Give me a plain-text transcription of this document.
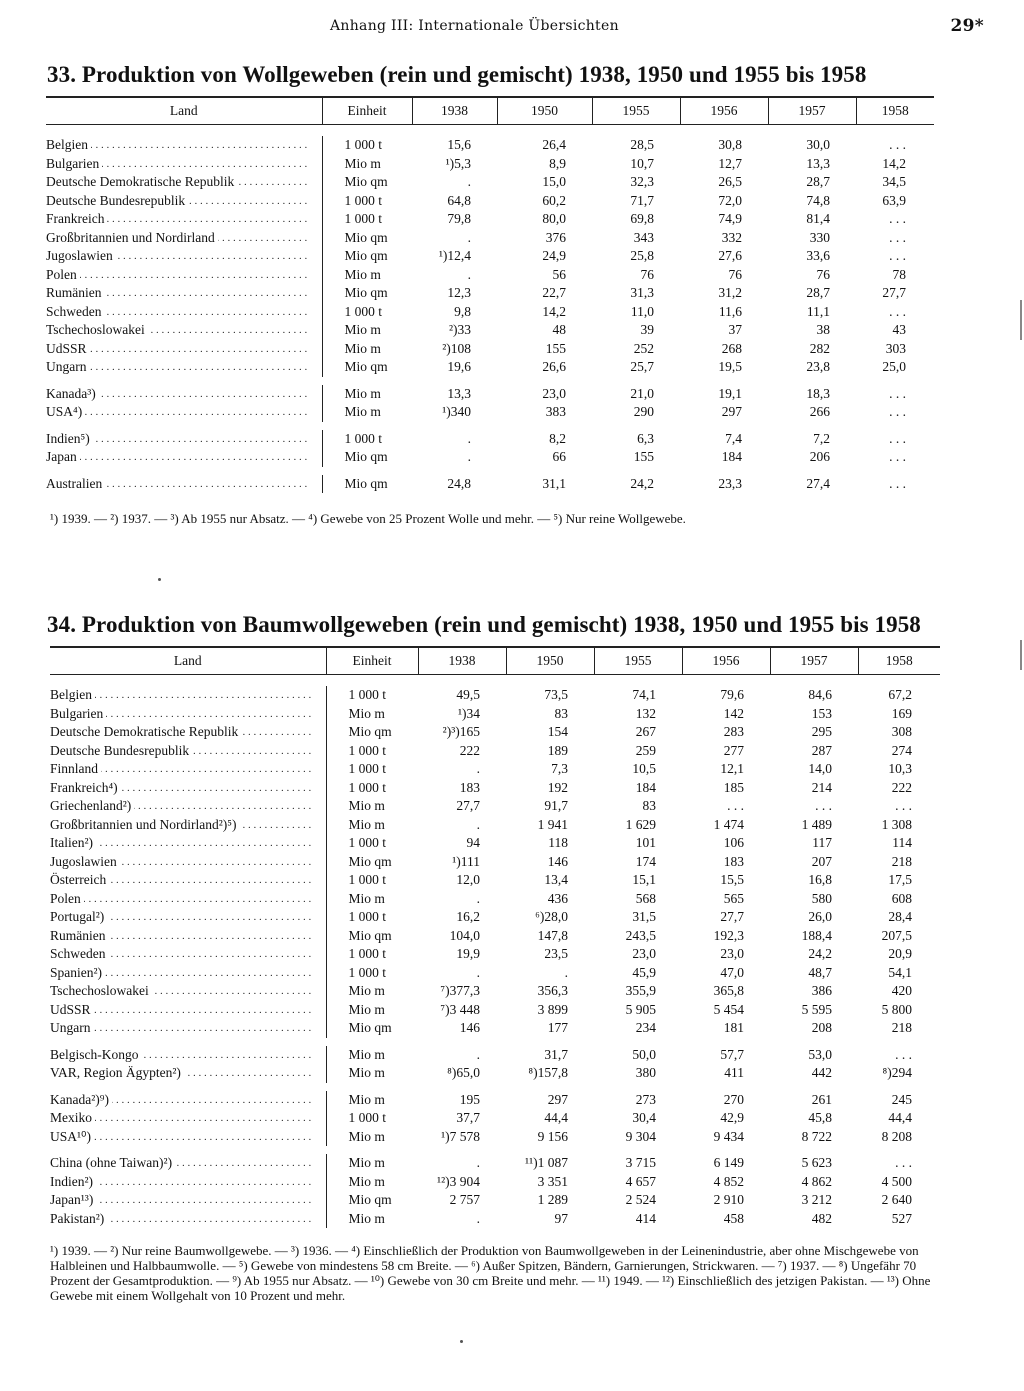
Anhang III: Internationale Übersichten	29*
33. Produktion von Wollgeweben (rein und gemischt) 1938, 1950 und 1955 bis 1958
Land	Einheit	1938	1950	1955	1956	1957	1958

Belgien . . .	1 000 t	15,6	26,4	28,5	30,8	30,0	. . .
Bulgarien . . .	Mio m	¹)5,3	8,9	10,7	12,7	13,3	14,2
Deutsche Demokratische Republik . . .	Mio qm	.	15,0	32,3	26,5	28,7	34,5
Deutsche Bundesrepublik . . .	1 000 t	64,8	60,2	71,7	72,0	74,8	63,9
Frankreich . . .	1 000 t	79,8	80,0	69,8	74,9	81,4	. . .
Großbritannien und Nordirland . . .	Mio qm	.	376	343	332	330	. . .
Jugoslawien . . .	Mio qm	¹)12,4	24,9	25,8	27,6	33,6	. . .
Polen . . .	Mio m	.	56	76	76	76	78
Rumänien . . .	Mio qm	12,3	22,7	31,3	31,2	28,7	27,7
Schweden . . .	1 000 t	9,8	14,2	11,0	11,6	11,1	. . .
Tschechoslowakei . . .	Mio m	²)33	48	39	37	38	43
UdSSR . . .	Mio m	²)108	155	252	268	282	303
Ungarn . . .	Mio qm	19,6	26,6	25,7	19,5	23,8	25,0

Kanada³) . . .	Mio m	13,3	23,0	21,0	19,1	18,3	. . .
USA⁴) . . .	Mio m	¹)340	383	290	297	266	. . .

Indien⁵) . . .	1 000 t	.	8,2	6,3	7,4	7,2	. . .
Japan . . .	Mio qm	.	66	155	184	206	. . .

Australien . . .	Mio qm	24,8	31,1	24,2	23,3	27,4	. . .
¹) 1939. — ²) 1937. — ³) Ab 1955 nur Absatz. — ⁴) Gewebe von 25 Prozent Wolle und mehr. — ⁵) Nur reine Wollgewebe.
34. Produktion von Baumwollgeweben (rein und gemischt) 1938, 1950 und 1955 bis 1958
Land	Einheit	1938	1950	1955	1956	1957	1958

Belgien . . .	1 000 t	49,5	73,5	74,1	79,6	84,6	67,2
Bulgarien . . .	Mio m	¹)34	83	132	142	153	169
Deutsche Demokratische Republik . . .	Mio qm	²)³)165	154	267	283	295	308
Deutsche Bundesrepublik . . .	1 000 t	222	189	259	277	287	274
Finnland . . .	1 000 t	.	7,3	10,5	12,1	14,0	10,3
Frankreich⁴) . . .	1 000 t	183	192	184	185	214	222
Griechenland²) . . .	Mio m	27,7	91,7	83	. . .	. . .	. . .
Großbritannien und Nordirland²)⁵) . . .	Mio m	.	1 941	1 629	1 474	1 489	1 308
Italien²) . . .	1 000 t	94	118	101	106	117	114
Jugoslawien . . .	Mio qm	¹)111	146	174	183	207	218
Österreich . . .	1 000 t	12,0	13,4	15,1	15,5	16,8	17,5
Polen . . .	Mio m	.	436	568	565	580	608
Portugal²) . . .	1 000 t	16,2	⁶)28,0	31,5	27,7	26,0	28,4
Rumänien . . .	Mio qm	104,0	147,8	243,5	192,3	188,4	207,5
Schweden . . .	1 000 t	19,9	23,5	23,0	23,0	24,2	20,9
Spanien²) . . .	1 000 t	.	.	45,9	47,0	48,7	54,1
Tschechoslowakei . . .	Mio m	⁷)377,3	356,3	355,9	365,8	386	420
UdSSR . . .	Mio m	⁷)3 448	3 899	5 905	5 454	5 595	5 800
Ungarn . . .	Mio qm	146	177	234	181	208	218

Belgisch-Kongo . . .	Mio m	.	31,7	50,0	57,7	53,0	. . .
VAR, Region Ägypten²) . . .	Mio m	⁸)65,0	⁸)157,8	380	411	442	⁸)294

Kanada²)⁹) . . .	Mio m	195	297	273	270	261	245
Mexiko . . .	1 000 t	37,7	44,4	30,4	42,9	45,8	44,4
USA¹⁰) . . .	Mio m	¹)7 578	9 156	9 304	9 434	8 722	8 208

China (ohne Taiwan)²) . . .	Mio m	.	¹¹)1 087	3 715	6 149	5 623	. . .
Indien²) . . .	Mio m	¹²)3 904	3 351	4 657	4 852	4 862	4 500
Japan¹³) . . .	Mio qm	2 757	1 289	2 524	2 910	3 212	2 640
Pakistan²) . . .	Mio m	.	97	414	458	482	527
¹) 1939. — ²) Nur reine Baumwollgewebe. — ³) 1936. — ⁴) Einschließlich der Produktion von Baumwollgeweben in der Leinenindustrie, aber ohne Mischgewebe von Halbleinen und Halbbaumwolle. — ⁵) Gewebe von mindestens 58 cm Breite. — ⁶) Außer Spitzen, Bändern, Garnierungen, Strickwaren. — ⁷) 1937. — ⁸) Ungefähr 70 Prozent der Gesamtproduktion. — ⁹) Ab 1955 nur Absatz. — ¹⁰) Gewebe von 30 cm Breite und mehr. — ¹¹) 1949. — ¹²) Einschließlich des jetzigen Pakistan. — ¹³) Ohne Gewebe mit einem Wollgehalt von 10 Prozent und mehr.
